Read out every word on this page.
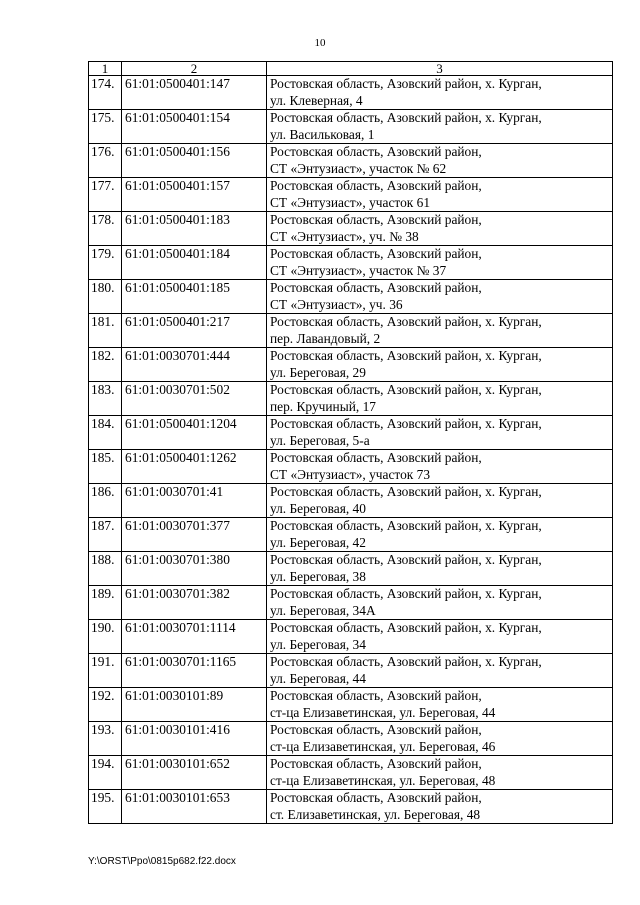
10
1	2	3
174.	61:01:0500401:147	Ростовская область, Азовский район, х. Курган,
ул. Клеверная, 4

175.	61:01:0500401:154	Ростовская область, Азовский район, х. Курган,
ул. Васильковая, 1

176.	61:01:0500401:156	Ростовская область, Азовский район,
СТ «Энтузиаст», участок № 62

177.	61:01:0500401:157	Ростовская область, Азовский район,
СТ «Энтузиаст», участок 61

178.	61:01:0500401:183	Ростовская область, Азовский район,
СТ «Энтузиаст», уч. № 38

179.	61:01:0500401:184	Ростовская область, Азовский район,
СТ «Энтузиаст», участок № 37

180.	61:01:0500401:185	Ростовская область, Азовский район,
СТ «Энтузиаст», уч. 36

181.	61:01:0500401:217	Ростовская область, Азовский район, х. Курган,
пер. Лавандовый, 2

182.	61:01:0030701:444	Ростовская область, Азовский район, х. Курган,
ул. Береговая, 29

183.	61:01:0030701:502	Ростовская область, Азовский район, х. Курган,
пер. Кручиный, 17

184.	61:01:0500401:1204	Ростовская область, Азовский район, х. Курган,
ул. Береговая, 5-а

185.	61:01:0500401:1262	Ростовская область, Азовский район,
СТ «Энтузиаст», участок 73

186.	61:01:0030701:41	Ростовская область, Азовский район, х. Курган,
ул. Береговая, 40

187.	61:01:0030701:377	Ростовская область, Азовский район, х. Курган,
ул. Береговая, 42

188.	61:01:0030701:380	Ростовская область, Азовский район, х. Курган,
ул. Береговая, 38

189.	61:01:0030701:382	Ростовская область, Азовский район, х. Курган,
ул. Береговая, 34А

190.	61:01:0030701:1114	Ростовская область, Азовский район, х. Курган,
ул. Береговая, 34

191.	61:01:0030701:1165	Ростовская область, Азовский район, х. Курган,
ул. Береговая, 44

192.	61:01:0030101:89	Ростовская область, Азовский район,
ст-ца Елизаветинская, ул. Береговая, 44

193.	61:01:0030101:416	Ростовская область, Азовский район,
ст-ца Елизаветинская, ул. Береговая, 46

194.	61:01:0030101:652	Ростовская область, Азовский район,
ст-ца Елизаветинская, ул. Береговая, 48

195.	61:01:0030101:653	Ростовская область, Азовский район,
ст. Елизаветинская, ул. Береговая, 48
Y:\ORST\Ppo\0815p682.f22.docx
